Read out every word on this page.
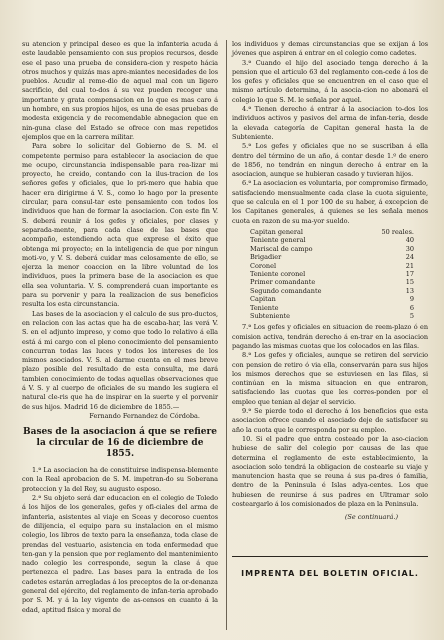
su atencion y principal deseo es que la infanteria acuda á este laudable pensamiento con sus propios recursos, desde ese el paso una prueba de considera-cion y respeto hácia otros muchos y quizás mas apre-miantes necesidades de los pueblos. Acudir al reme-dio de aquel mal con un ligero sacrificio, del cual to-dos á su vez pueden recoger una importante y grata compensacion en lo que es mas caro á un hombre, en sus propios hijos, es una de esas pruebas de modesta exigencia y de recomendable abnegacion que en nin-guna clase del Estado se ofrece con mas repetidos ejemplos que en la carrera militar.

Para sobre lo solicitar del Gobierno de S. M. el competente permiso para establecer la asociacion de que me ocupo, circunstancia indispensable para rea-lizar mi proyecto, he creido, contando con la ilus-tracion de los señores gefes y oficiales, que lo pri-mero que habia que hacer era dirigirme á V. S., como lo hago por la presente circular, para consul-tar este pensamiento con todos los individuos que han de formar la asociacion. Con este fin V. S. deberá reunir á los gefes y oficiales, por clases y separada-mente, para cada clase de las bases que acompaño, estendiendo acta que exprese el éxito que obtenga mi proyecto; en la inteligencia de que por ningun moti-vo, y V. S. deberá cuidar mas celosamente de ello, se ejerza la menor coaccion en la libre voluntad de los individuos, pues la primera base de la asociacion es que ella sea voluntaria. V. S. comprenderá cuan importante es para su porvenir y para la realizacion de sus beneficios resulta los esta circunstancia.

Las bases de la asociacion y el calculo de sus pro-ductos, en relacion con las actas que ha de escaba-har, las verá V. S. en el adjunto impreso, y como que todo lo relativo á ella está á mi cargo con el pleno conocimiento del pensamiento concurran todas las luces y todos los intereses de los mismos asociados. V. S. al darme cuenta en el mes breve plazo posible del resultado de esta consulta, me dará tambien conocimiento de todas aquellas observaciones que á V. S. y al cuerpo de oficiales de su mando les sugiera el natural cle-ris que ha de inspirar en la suerte y el porvenir de sus hijos. Madrid 16 de diciembre de 1855.—

Fernando Fernandez de Córdoba.
Bases de la asociacion á que se refiere la circular de 16 de diciembre de 1855.

1.ª La asociacion ha de constituirse indispensa-blemente con la Real aprobacion de S. M. impetran-do su Soberana proteccion y la del Rey, su augusto esposo.

2.ª Su objeto será dar educacion en el colegio de Toledo á los hijos de los generales, gefes y ofi-ciales del arma de infanteria, asistentes al viaje en Sceas y decoroso cuentos de dilijencia, el equipo para su instalacion en el mismo colegio, los libros de texto para la enseñanza, toda clase de prendas del vestuario, asistencia en toda enfermedad que ten-gan y la pension que por reglamento del mantenimiento nado colegio les corresponde, segun la clase á que pertenezca el padre. Las bases para la entrada de los cadetes estarán arregladas á los preceptos de la or-denanza general del ejército, del reglamento de infan-teria aprobado por S. M. y á la ley vigente de as-censos en cuanto á la edad, aptitud fisica y moral de

los individuos y demas circunstancias que se exijan á los jóvenes que aspiren á entrar en el colegio como cadetes.

3.ª Cuando el hijo del asociado tenga derecho á la pension que el articulo 63 del reglamento con-cede á los de los gefes y oficiales que se encuentren en el caso que el mismo artículo determina, á la asocia-cion no abonará el colegio lo que S. M. le señala por aquel.

4.ª Tienen derecho á entrar á la asociacion to-dos los individuos activos y pasivos del arma de infan-teria, desde la elevada categoría de Capitan general hasta la de Subteniente.

5.ª Los gefes y oficiales que no se suscriban á ella dentro del término de un año, á contar desde 1.º de enero de 1856, no tendrán en ningun derecho á entrar en la asociacion, aunque se hubieran casado y tuvieran hijos.

6.ª La asociacion es voluntaria, por compromiso firmado, satisfaciendo mensualmente cada clase la cuota siguiente, que se calcula en el 1 por 100 de su haber, á excepcion de los Capitanes generales, á quienes se les señala menos cuota en razon de su ma-yor sueldo.

Capitan general	50 reales.
Teniente general	40
Mariscal de campo	30
Brigadier	24
Coronel	21
Teniente coronel	17
Primer comandante	15
Segundo comandante	13
Capitan	9
Teniente	6
Subteniente	5

7.ª Los gefes y oficiales en situacion de reem-plazo ó en comision activa, tendrán derecho á en-trar en la asociacion pagando las mismas cuotas que los colocados en las filas.

8.ª Los gefes y oficiales, aunque se retiren del servicio con pension de retiro ó via ella, conservarán para sus hijos los mismos derechos que se estuviesen en las filas, si continúan en la misma situacion en que entraron, satisfaciendo las cuotas que les corres-ponden por el empleo que tenian al dejar el servicio.

9.ª Se pierde todo el derecho á los beneficios que esta asociacion ofrece cuando el asociado deje de satisfacer su año la cuota que le corresponda por su empleo.

10. Si el padre que entra costeado por la aso-ciacion hubiese de salir del colegio por causas de las que determina el reglamento de este establecimiento, la asociacion solo tendrá la obligacion de costearle su viaje y manutencion hasta que se reuna á sus pa-dres ó familia, dentro de la Peninsula é Islas adya-centes. Los que hubiesen de reunirse á sus padres en Ultramar solo costeargarlo á los comisionados de plaza en la Peninsula.

(Se continuará.)
IMPRENTA DEL BOLETIN OFICIAL.
